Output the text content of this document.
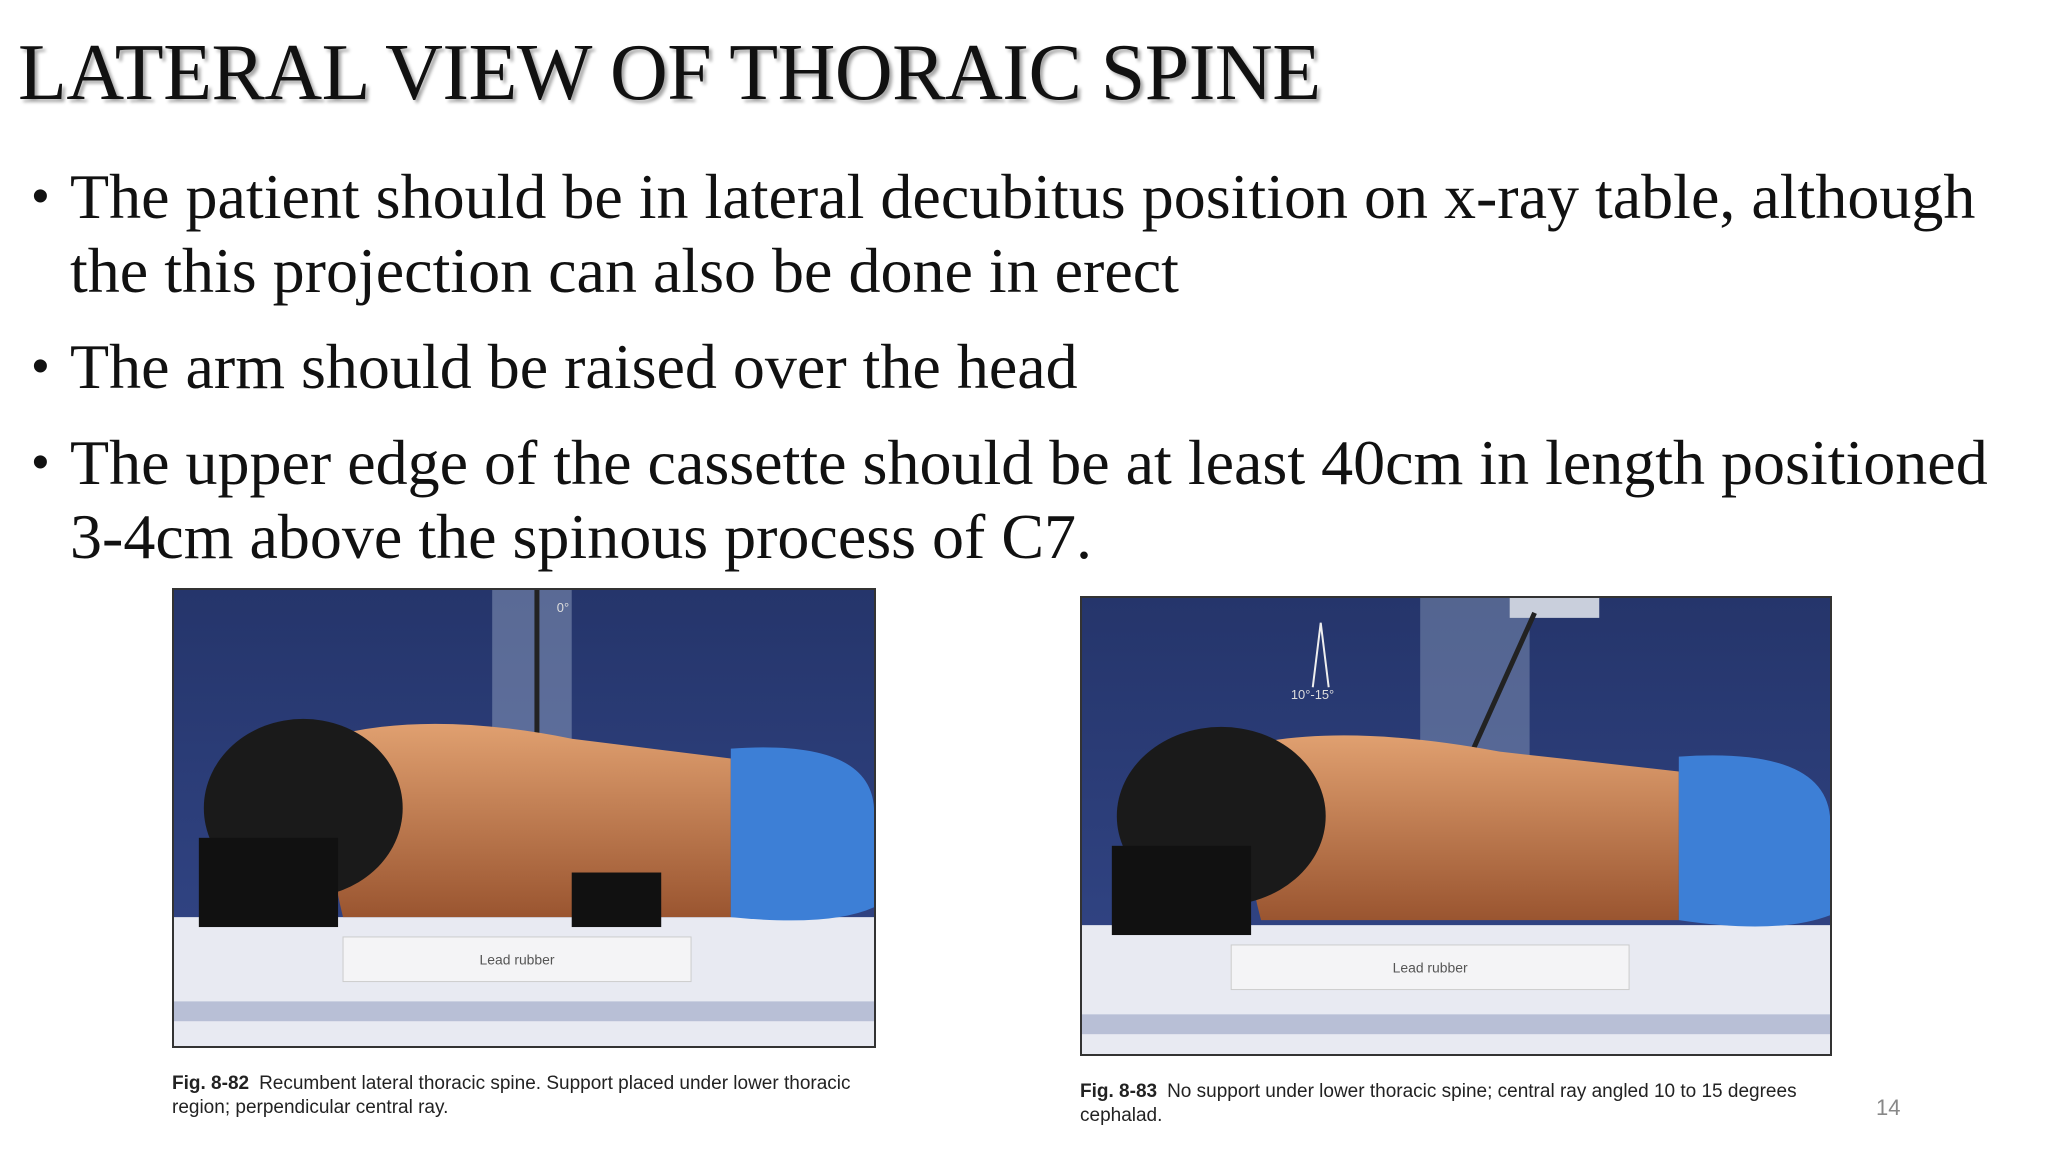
LATERAL VIEW OF THORAIC SPINE
• The patient should be in lateral decubitus position on x-ray table, although the this projection can also be done in erect
• The arm should be raised over the head
• The upper edge of the cassette should be at least 40cm in length positioned 3-4cm above the spinous process of C7.
0°
Lead rubber
Fig. 8-82 Recumbent lateral thoracic spine. Support placed under lower thoracic region; perpendicular central ray.
10°-15°
Lead rubber
Fig. 8-83 No support under lower thoracic spine; central ray angled 10 to 15 degrees cephalad.	14
